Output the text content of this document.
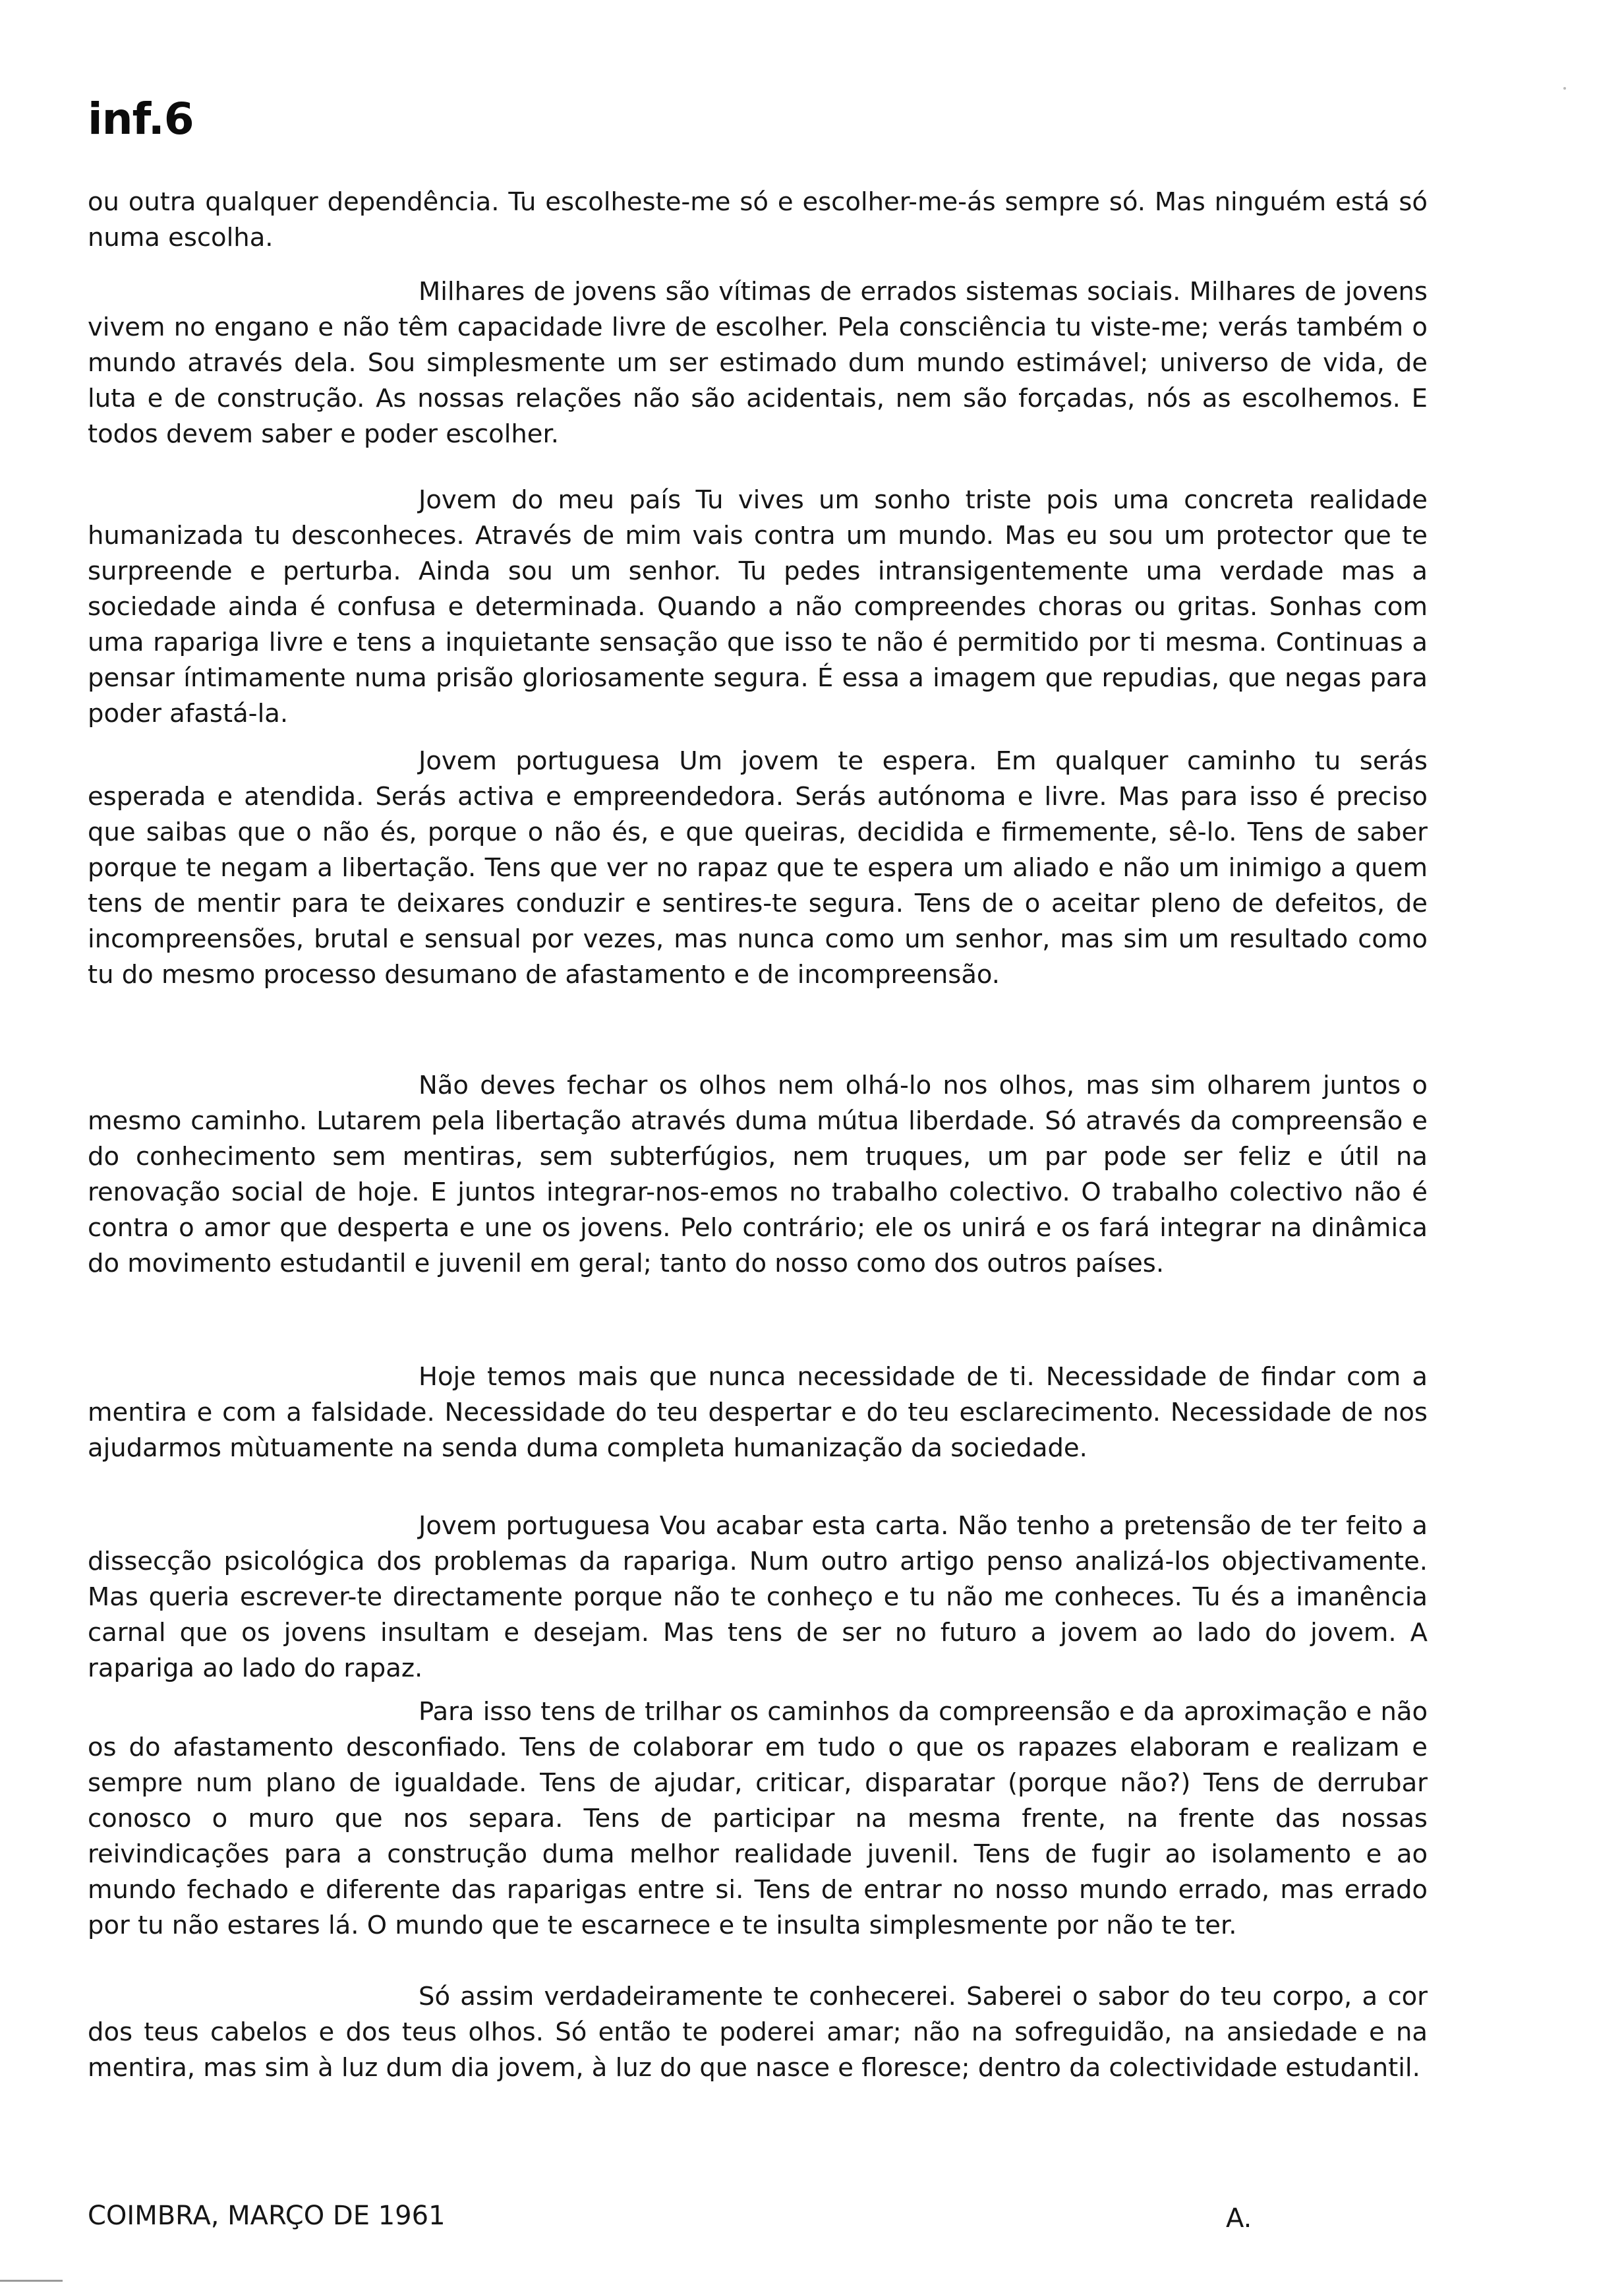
inf.6

ou outra qualquer dependência. Tu escolheste-me só e escolher-me-ás sempre só. Mas ninguém está só numa escolha.

Milhares de jovens são vítimas de errados sistemas sociais. Milhares de jovens vivem no engano e não têm capacidade livre de escolher. Pela consciência tu viste-me; verás também o mundo através dela. Sou simplesmente um ser estimado dum mundo estimável; universo de vida, de luta e de construção. As nossas relações não são acidentais, nem são forçadas, nós as escolhemos. E todos devem saber e poder escolher.

Jovem do meu país Tu vives um sonho triste pois uma concreta realidade humanizada tu desconheces. Através de mim vais contra um mundo. Mas eu sou um protector que te surpreende e perturba. Ainda sou um senhor. Tu pedes intransigentemente uma verdade mas a sociedade ainda é confusa e determinada. Quando a não compreendes choras ou gritas. Sonhas com uma rapariga livre e tens a inquietante sensação que isso te não é permitido por ti mesma. Continuas a pensar íntimamente numa prisão gloriosamente segura. É essa a imagem que repudias, que negas para poder afastá-la.

Jovem portuguesa Um jovem te espera. Em qualquer caminho tu serás esperada e atendida. Serás activa e empreendedora. Serás autónoma e livre. Mas para isso é preciso que saibas que o não és, porque o não és, e que queiras, decidida e firmemente, sê-lo. Tens de saber porque te negam a libertação. Tens que ver no rapaz que te espera um aliado e não um inimigo a quem tens de mentir para te deixares conduzir e sentires-te segura. Tens de o aceitar pleno de defeitos, de incompreensões, brutal e sensual por vezes, mas nunca como um senhor, mas sim um resultado como tu do mesmo processo desumano de afastamento e de incompreensão.

Não deves fechar os olhos nem olhá-lo nos olhos, mas sim olharem juntos o mesmo caminho. Lutarem pela libertação através duma mútua liberdade. Só através da compreensão e do conhecimento sem mentiras, sem subterfúgios, nem truques, um par pode ser feliz e útil na renovação social de hoje. E juntos integrar-nos-emos no trabalho colectivo. O trabalho colectivo não é contra o amor que desperta e une os jovens. Pelo contrário; ele os unirá e os fará integrar na dinâmica do movimento estudantil e juvenil em geral; tanto do nosso como dos outros países.

Hoje temos mais que nunca necessidade de ti. Necessidade de findar com a mentira e com a falsidade. Necessidade do teu despertar e do teu esclarecimento. Necessidade de nos ajudarmos mùtuamente na senda duma completa humanização da sociedade.

Jovem portuguesa Vou acabar esta carta. Não tenho a pretensão de ter feito a dissecção psicológica dos problemas da rapariga. Num outro artigo penso analizá-los objectivamente. Mas queria escrever-te directamente porque não te conheço e tu não me conheces. Tu és a imanência carnal que os jovens insultam e desejam. Mas tens de ser no futuro a jovem ao lado do jovem. A rapariga ao lado do rapaz.

Para isso tens de trilhar os caminhos da compreensão e da aproximação e não os do afastamento desconfiado. Tens de colaborar em tudo o que os rapazes elaboram e realizam e sempre num plano de igualdade. Tens de ajudar, criticar, disparatar (porque não?) Tens de derrubar conosco o muro que nos separa. Tens de participar na mesma frente, na frente das nossas reivindicações para a construção duma melhor realidade juvenil. Tens de fugir ao isolamento e ao mundo fechado e diferente das raparigas entre si. Tens de entrar no nosso mundo errado, mas errado por tu não estares lá. O mundo que te escarnece e te insulta simplesmente por não te ter.

Só assim verdadeiramente te conhecerei. Saberei o sabor do teu corpo, a cor dos teus cabelos e dos teus olhos. Só então te poderei amar; não na sofreguidão, na ansiedade e na mentira, mas sim à luz dum dia jovem, à luz do que nasce e floresce; dentro da colectividade estudantil.

COIMBRA, MARÇO DE 1961	A.
